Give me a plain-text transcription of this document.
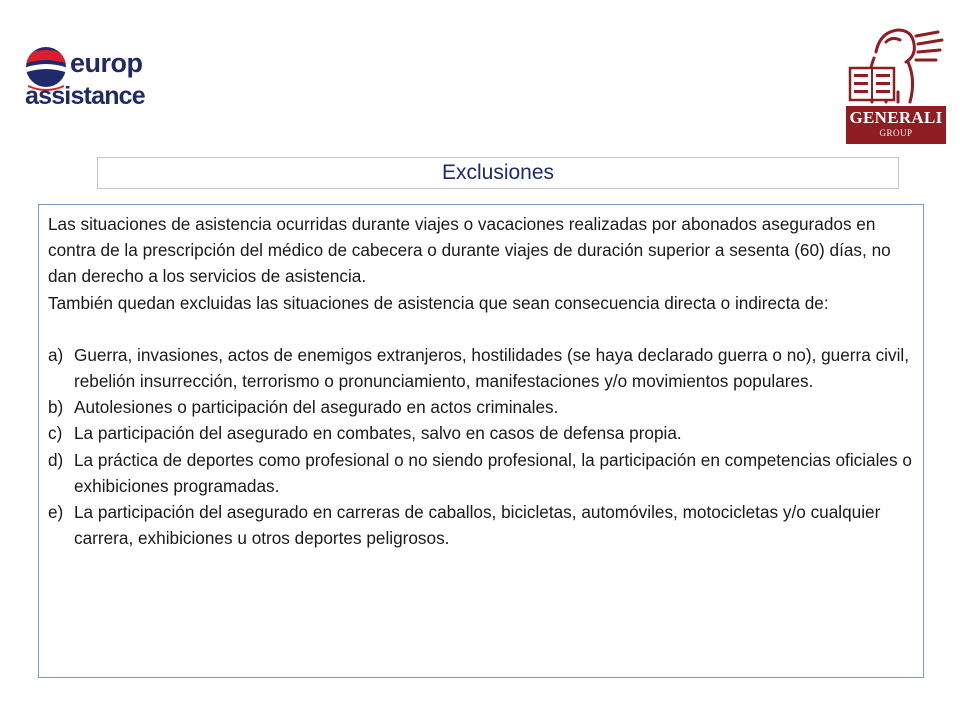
europ
assistance
GENERALI
GROUP
Exclusiones

Las situaciones de asistencia ocurridas durante viajes o vacaciones realizadas por abonados asegurados en contra de la prescripción del médico de cabecera o durante viajes de duración superior a sesenta (60) días, no dan derecho a los servicios de asistencia.

También quedan excluidas las situaciones de asistencia que sean consecuencia directa o indirecta de:

a) Guerra, invasiones, actos de enemigos extranjeros, hostilidades (se haya declarado guerra o no), guerra civil, rebelión insurrección, terrorismo o pronunciamiento, manifestaciones y/o movimientos populares.
b) Autolesiones o participación del asegurado en actos criminales.
c) La participación del asegurado en combates, salvo en casos de defensa propia.
d) La práctica de deportes como profesional o no siendo profesional, la participación en competencias oficiales o exhibiciones programadas.
e) La participación del asegurado en carreras de caballos, bicicletas, automóviles, motocicletas y/o cualquier carrera, exhibiciones u otros deportes peligrosos.
